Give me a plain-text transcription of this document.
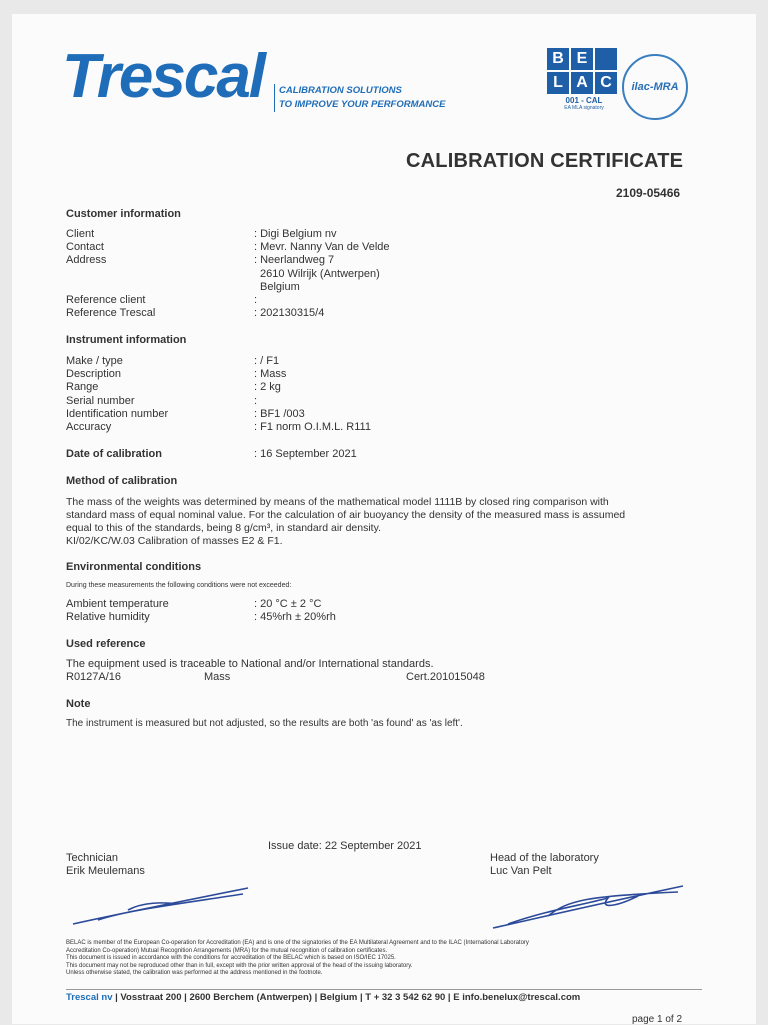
Trescal CALIBRATION SOLUTIONS
TO IMPROVE YOUR PERFORMANCE
B E
L A C
001 - CAL
EA MLA signatory
ilac-MRA
CALIBRATION CERTIFICATE
2109-05466
Customer information
Client	: Digi Belgium nv
Contact	: Mevr. Nanny Van de Velde
Address	: Neerlandweg 7
2610 Wilrijk (Antwerpen)
Belgium
Reference client	:
Reference Trescal	: 202130315/4
Instrument information
Make / type	: / F1
Description	: Mass
Range	: 2 kg
Serial number	:
Identification number	: BF1 /003
Accuracy	: F1 norm O.I.M.L. R111
Date of calibration	: 16 September 2021
Method of calibration
The mass of the weights was determined by means of the mathematical model 1111B by closed ring comparison with
standard mass of equal nominal value. For the calculation of air buoyancy the density of the measured mass is assumed
equal to this of the standards, being 8 g/cm³, in standard air density.
KI/02/KC/W.03 Calibration of masses E2 & F1.
Environmental conditions
During these measurements the following conditions were not exceeded:
Ambient temperature	: 20 °C ± 2 °C
Relative humidity	: 45%rh ± 20%rh
Used reference
The equipment used is traceable to National and/or International standards.
R0127A/16	Mass	Cert.201015048
Note
The instrument is measured but not adjusted, so the results are both 'as found' as 'as left'.
Issue date: 22 September 2021
Technician
Erik Meulemans
Head of the laboratory
Luc Van Pelt
BELAC is member of the European Co-operation for Accreditation (EA) and is one of the signatories of the EA Multilateral Agreement and to the ILAC (International Laboratory
Accreditation Co-operation) Mutual Recognition Arrangements (MRA) for the mutual recognition of calibration certificates.
This document is issued in accordance with the conditions for accreditation of the BELAC which is based on ISO/IEC 17025.
This document may not be reproduced other than in full, except with the prior written approval of the head of the issuing laboratory.
Unless otherwise stated, the calibration was performed at the address mentioned in the footnote.
Trescal nv | Vosstraat 200 | 2600 Berchem (Antwerpen) | Belgium | T + 32 3 542 62 90 | E info.benelux@trescal.com
page 1 of 2
